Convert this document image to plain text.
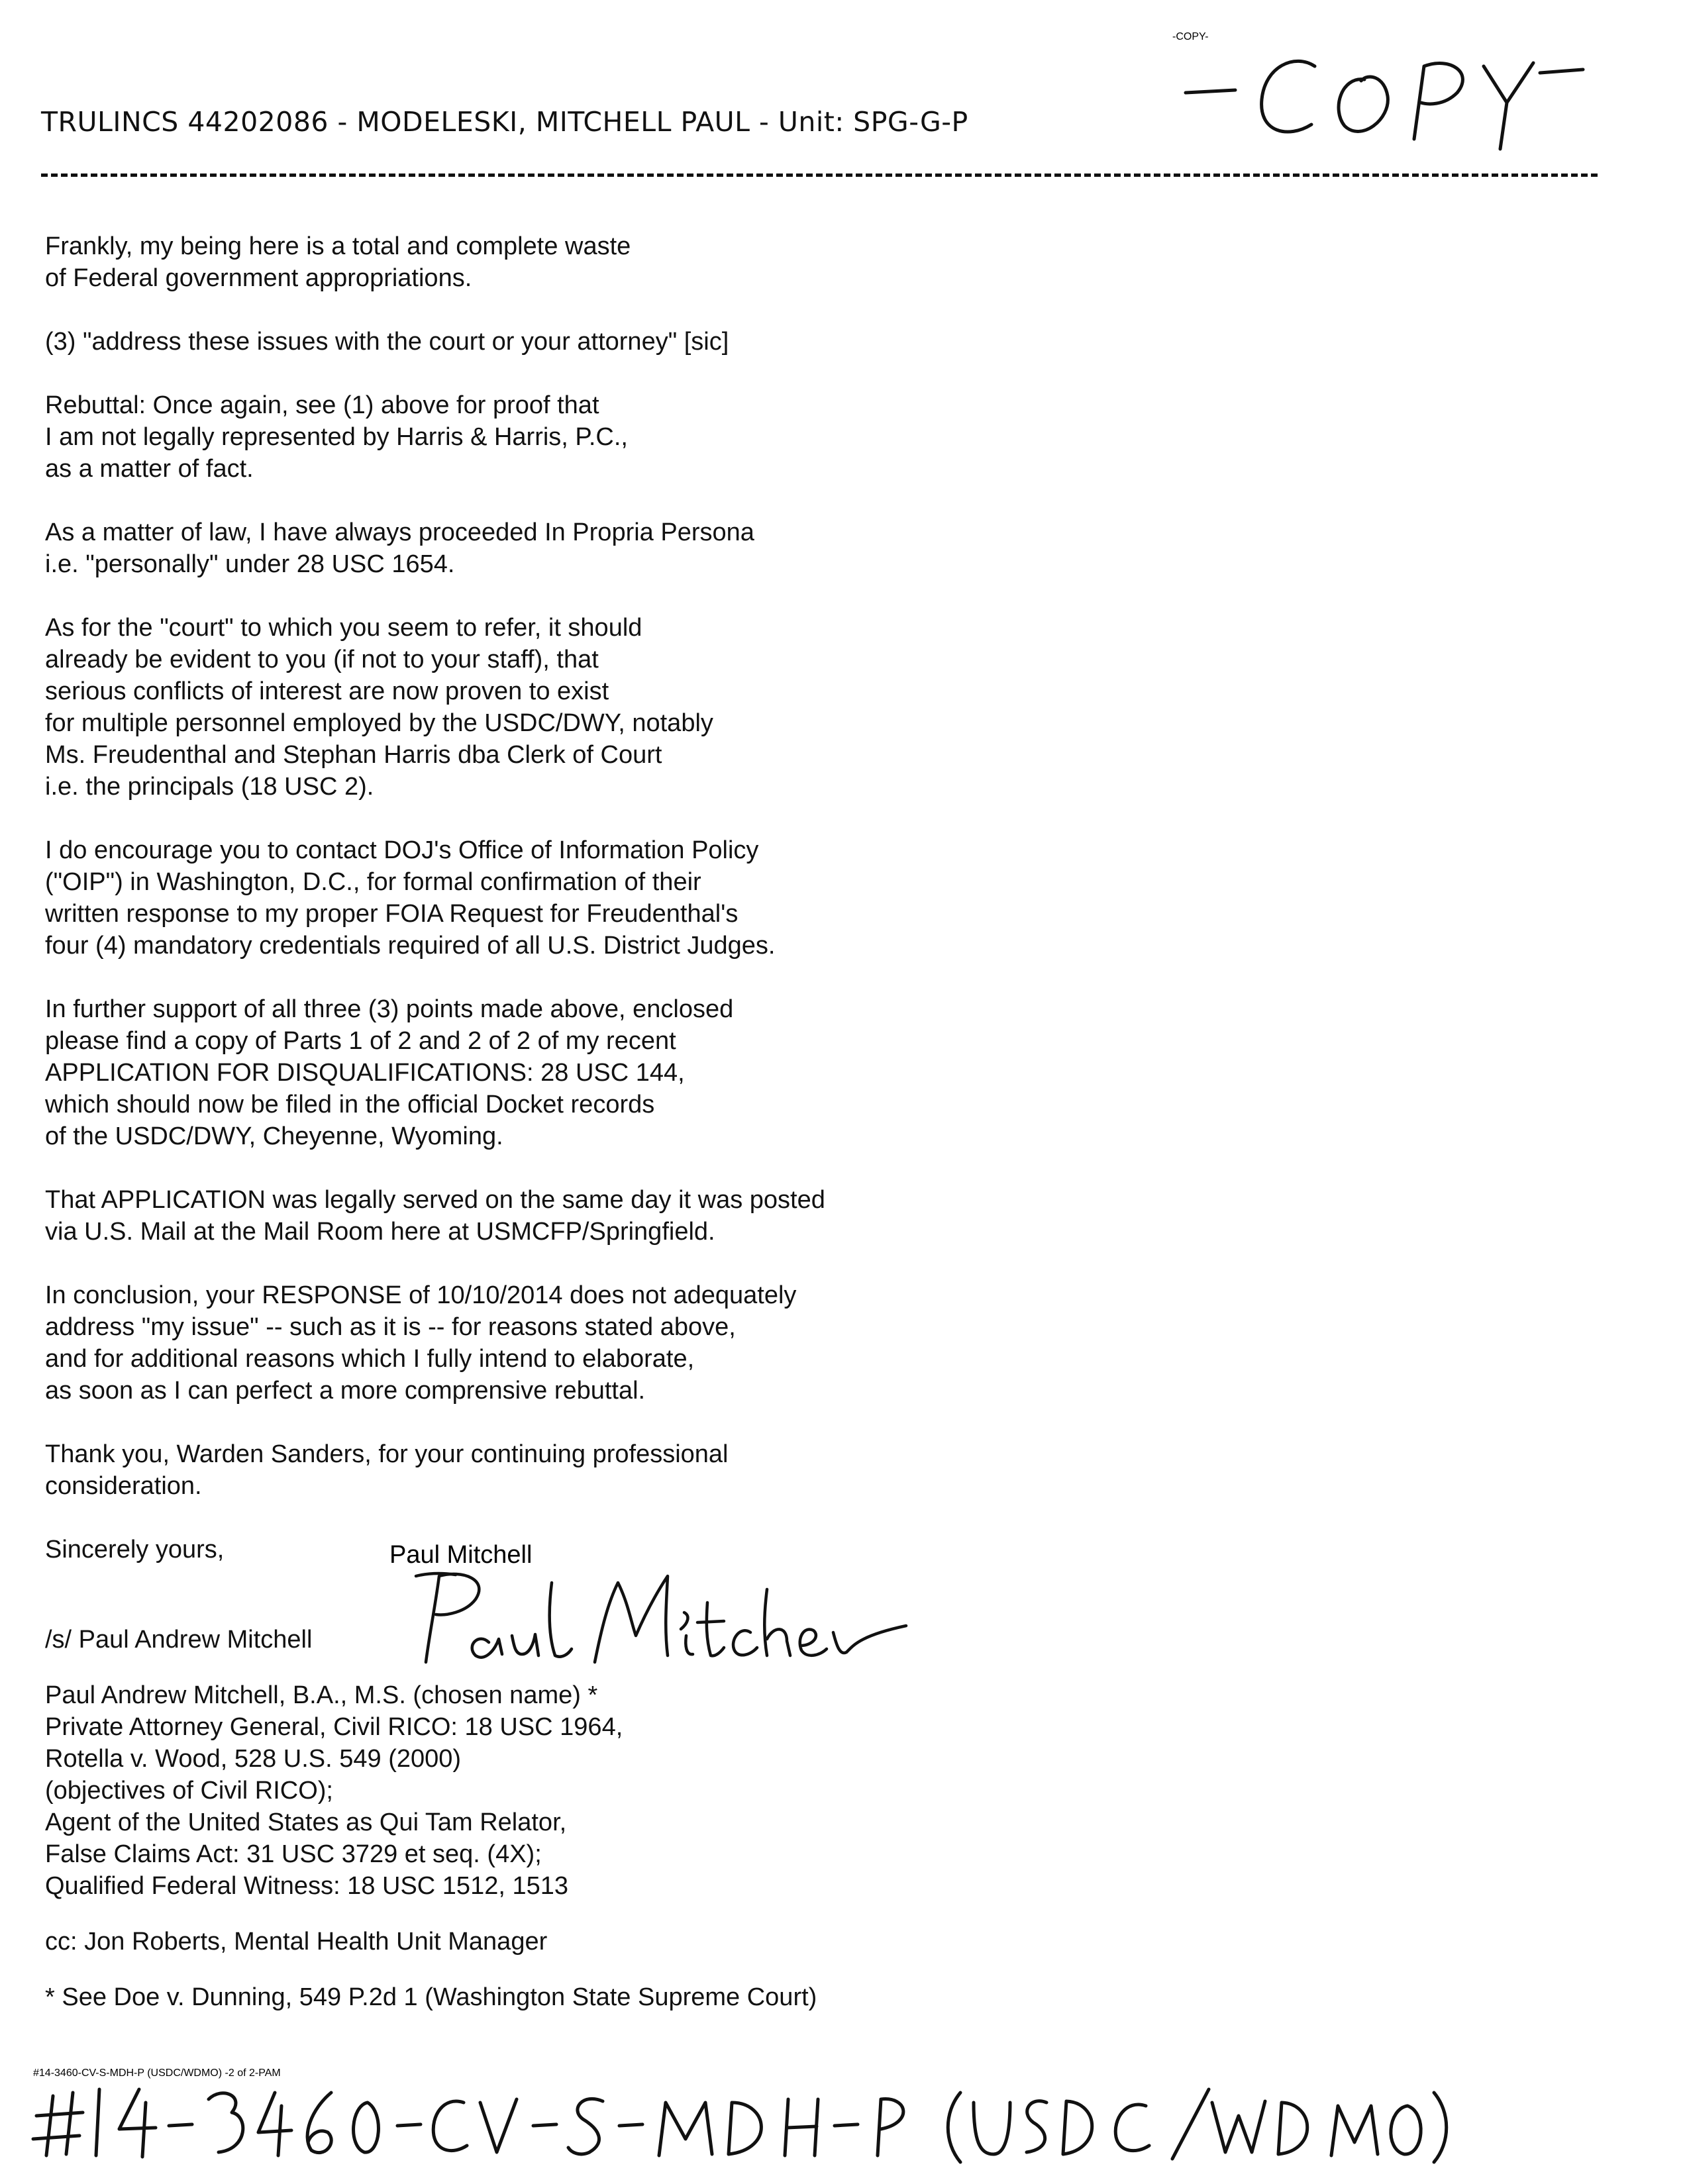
TRULINCS 44202086 - MODELESKI, MITCHELL PAUL - Unit: SPG-G-P
-COPY-
Frankly, my being here is a total and complete waste
of Federal government appropriations.
(3) "address these issues with the court or your attorney" [sic]
Rebuttal: Once again, see (1) above for proof that
I am not legally represented by Harris & Harris, P.C.,
as a matter of fact.
As a matter of law, I have always proceeded In Propria Persona
i.e. "personally" under 28 USC 1654.
As for the "court" to which you seem to refer, it should
already be evident to you (if not to your staff), that
serious conflicts of interest are now proven to exist
for multiple personnel employed by the USDC/DWY, notably
Ms. Freudenthal and Stephan Harris dba Clerk of Court
i.e. the principals (18 USC 2).
I do encourage you to contact DOJ's Office of Information Policy
("OIP") in Washington, D.C., for formal confirmation of their
written response to my proper FOIA Request for Freudenthal's
four (4) mandatory credentials required of all U.S. District Judges.
In further support of all three (3) points made above, enclosed
please find a copy of Parts 1 of 2 and 2 of 2 of my recent
APPLICATION FOR DISQUALIFICATIONS: 28 USC 144,
which should now be filed in the official Docket records
of the USDC/DWY, Cheyenne, Wyoming.
That APPLICATION was legally served on the same day it was posted
via U.S. Mail at the Mail Room here at USMCFP/Springfield.
In conclusion, your RESPONSE of 10/10/2014 does not adequately
address "my issue" -- such as it is -- for reasons stated above,
and for additional reasons which I fully intend to elaborate,
as soon as I can perfect a more comprensive rebuttal.
Thank you, Warden Sanders, for your continuing professional
consideration.
Sincerely yours,
/s/ Paul Andrew Mitchell
Paul Mitchell
Paul Andrew Mitchell, B.A., M.S. (chosen name) *
Private Attorney General, Civil RICO: 18 USC 1964,
Rotella v. Wood, 528 U.S. 549 (2000)
(objectives of Civil RICO);
Agent of the United States as Qui Tam Relator,
False Claims Act: 31 USC 3729 et seq. (4X);
Qualified Federal Witness: 18 USC 1512, 1513
cc: Jon Roberts, Mental Health Unit Manager
* See Doe v. Dunning, 549 P.2d 1 (Washington State Supreme Court)
#14-3460-CV-S-MDH-P (USDC/WDMO) -2 of 2-PAM
